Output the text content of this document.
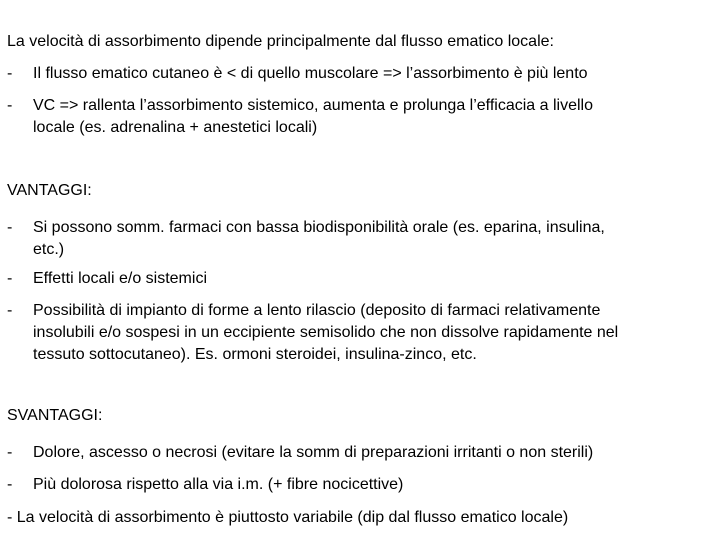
La velocità di assorbimento dipende principalmente dal flusso ematico locale:
- Il flusso ematico cutaneo è < di quello muscolare => l’assorbimento è più lento
- VC => rallenta l’assorbimento sistemico, aumenta e prolunga l’efficacia a livello
locale (es. adrenalina + anestetici locali)
VANTAGGI:
- Si possono somm. farmaci con bassa biodisponibilità orale (es. eparina, insulina,
etc.)
- Effetti locali e/o sistemici
- Possibilità di impianto di forme a lento rilascio (deposito di farmaci relativamente
insolubili e/o sospesi in un eccipiente semisolido che non dissolve rapidamente nel
tessuto sottocutaneo). Es. ormoni steroidei, insulina-zinco, etc.
SVANTAGGI:
- Dolore, ascesso o necrosi (evitare la somm di preparazioni irritanti o non sterili)
- Più dolorosa rispetto alla via i.m. (+ fibre nocicettive)
- La velocità di assorbimento è piuttosto variabile (dip dal flusso ematico locale)
